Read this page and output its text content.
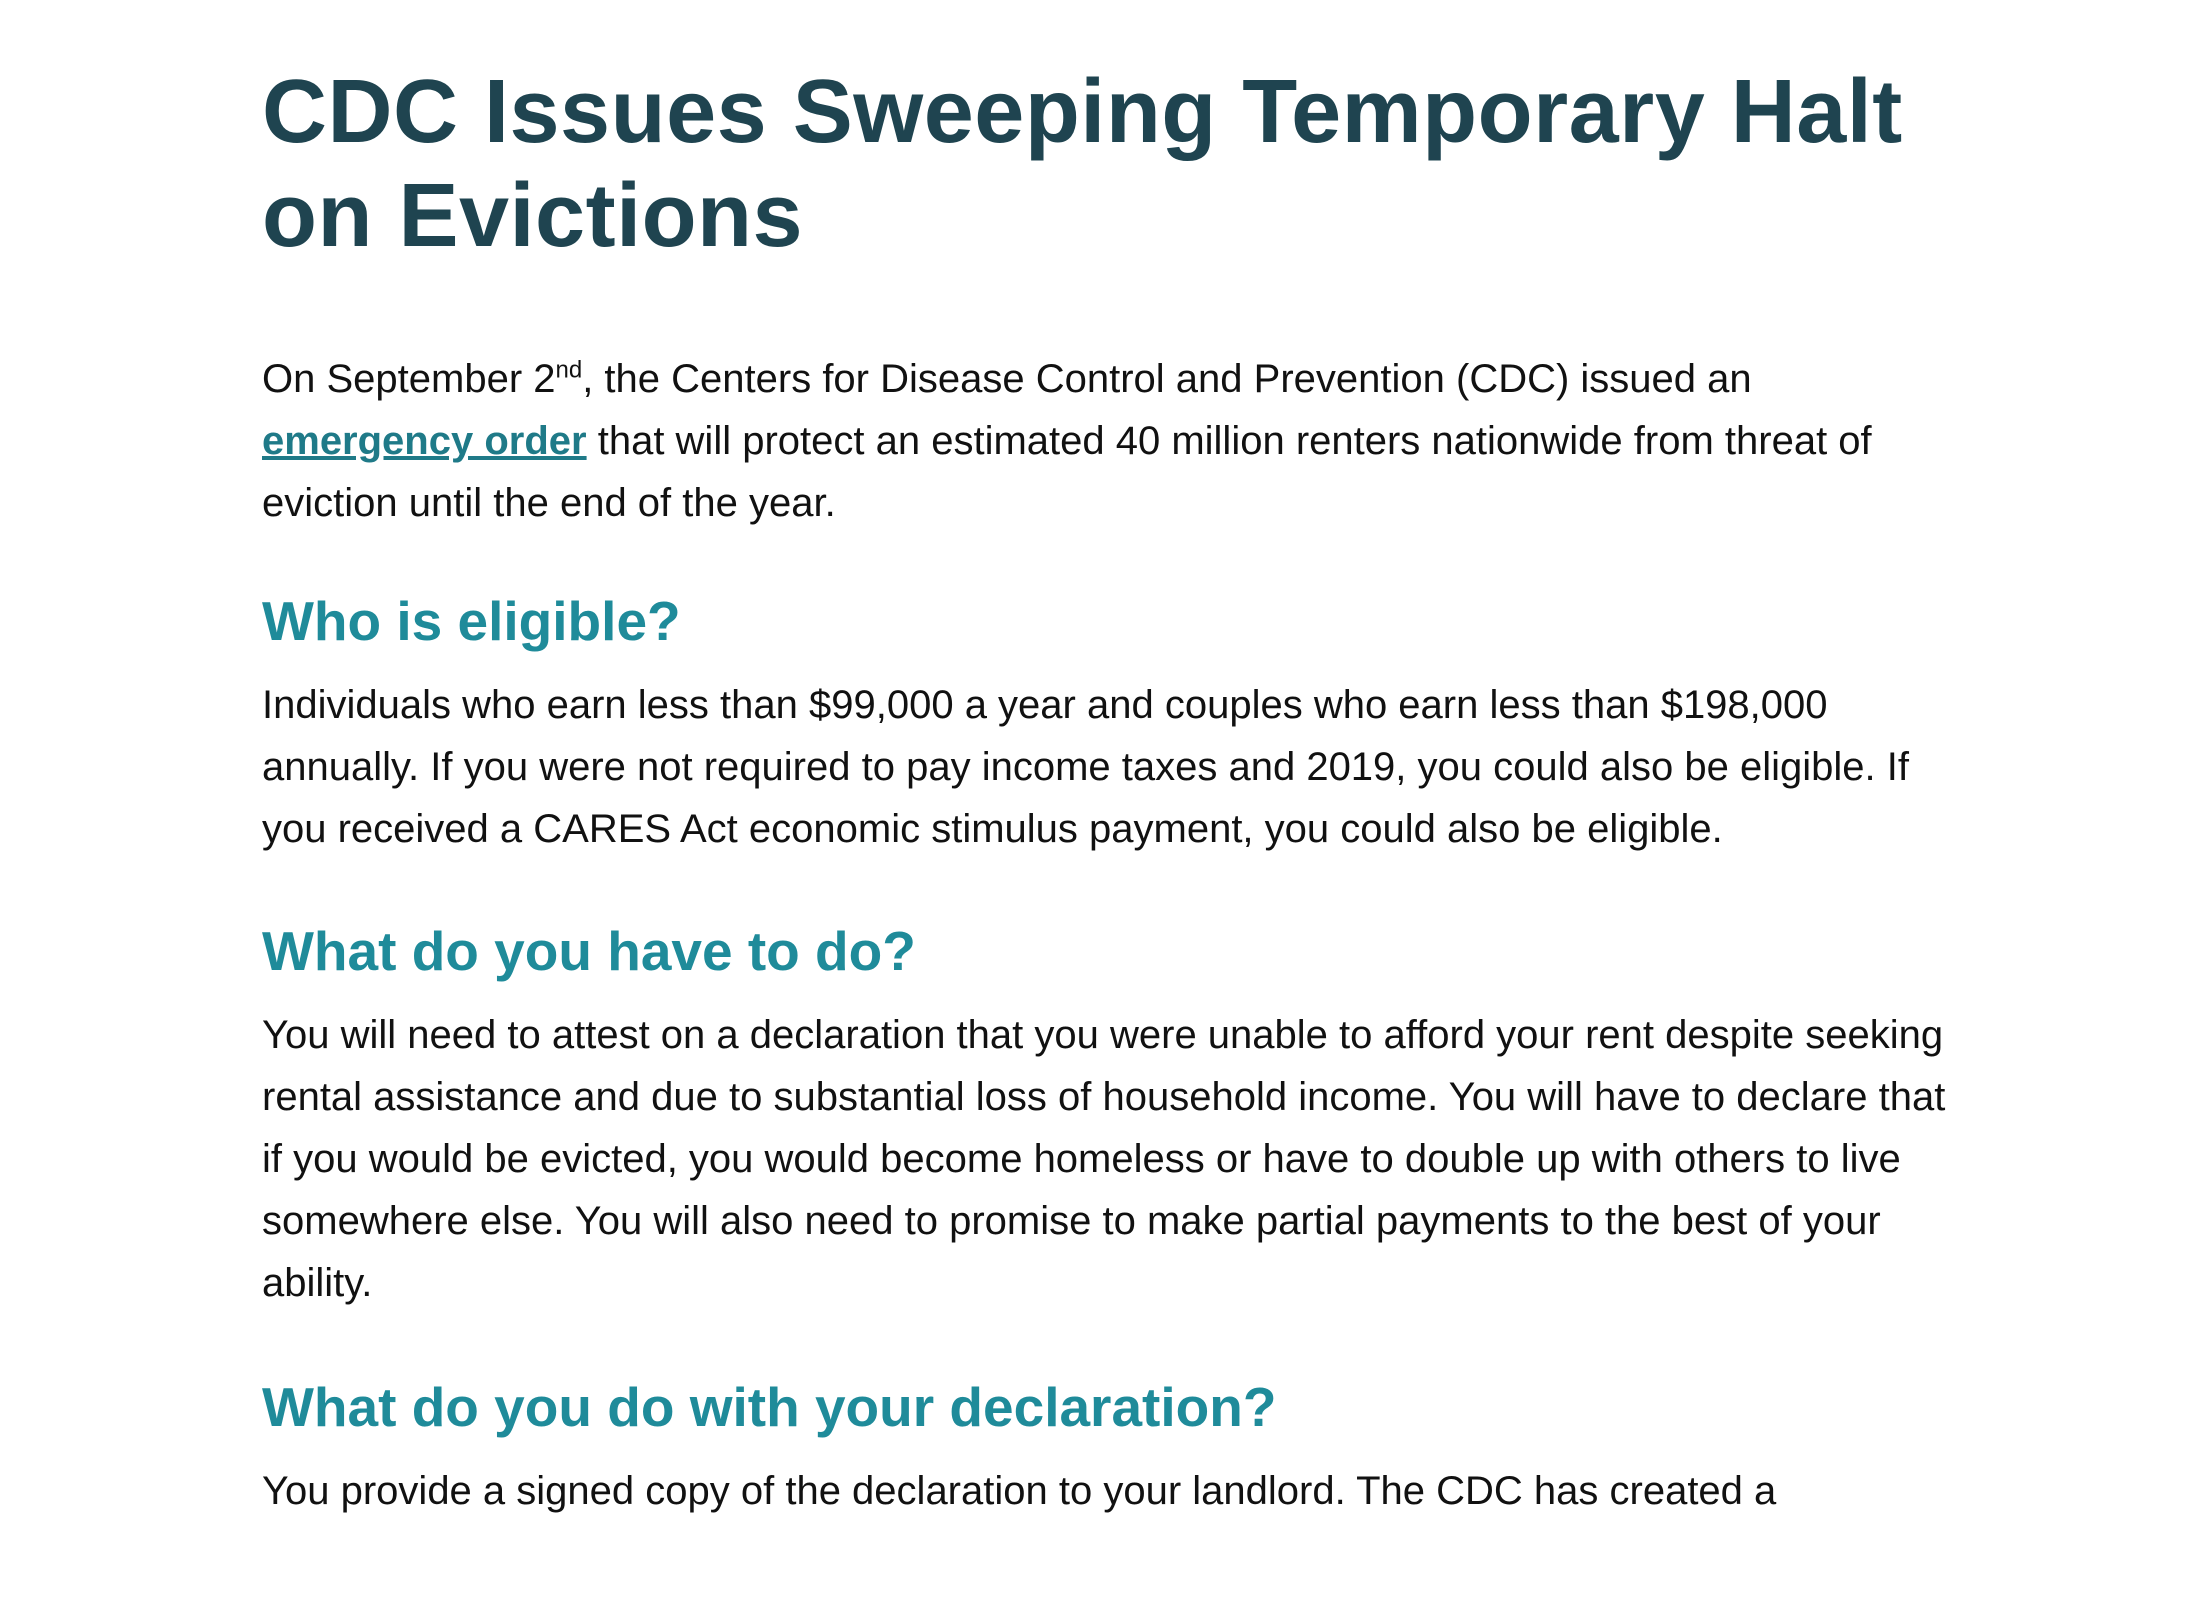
CDC Issues Sweeping Temporary Halt on Evictions

On September 2nd, the Centers for Disease Control and Prevention (CDC) issued an
emergency order that will protect an estimated 40 million renters nationwide from threat of eviction until the end of the year.

Who is eligible?

Individuals who earn less than $99,000 a year and couples who earn less than $198,000 annually. If you were not required to pay income taxes and 2019, you could also be eligible. If you received a CARES Act economic stimulus payment, you could also be eligible.

What do you have to do?

You will need to attest on a declaration that you were unable to afford your rent despite seeking rental assistance and due to substantial loss of household income. You will have to declare that if you would be evicted, you would become homeless or have to double up with others to live somewhere else. You will also need to promise to make partial payments to the best of your ability.

What do you do with your declaration?

You provide a signed copy of the declaration to your landlord. The CDC has created a
